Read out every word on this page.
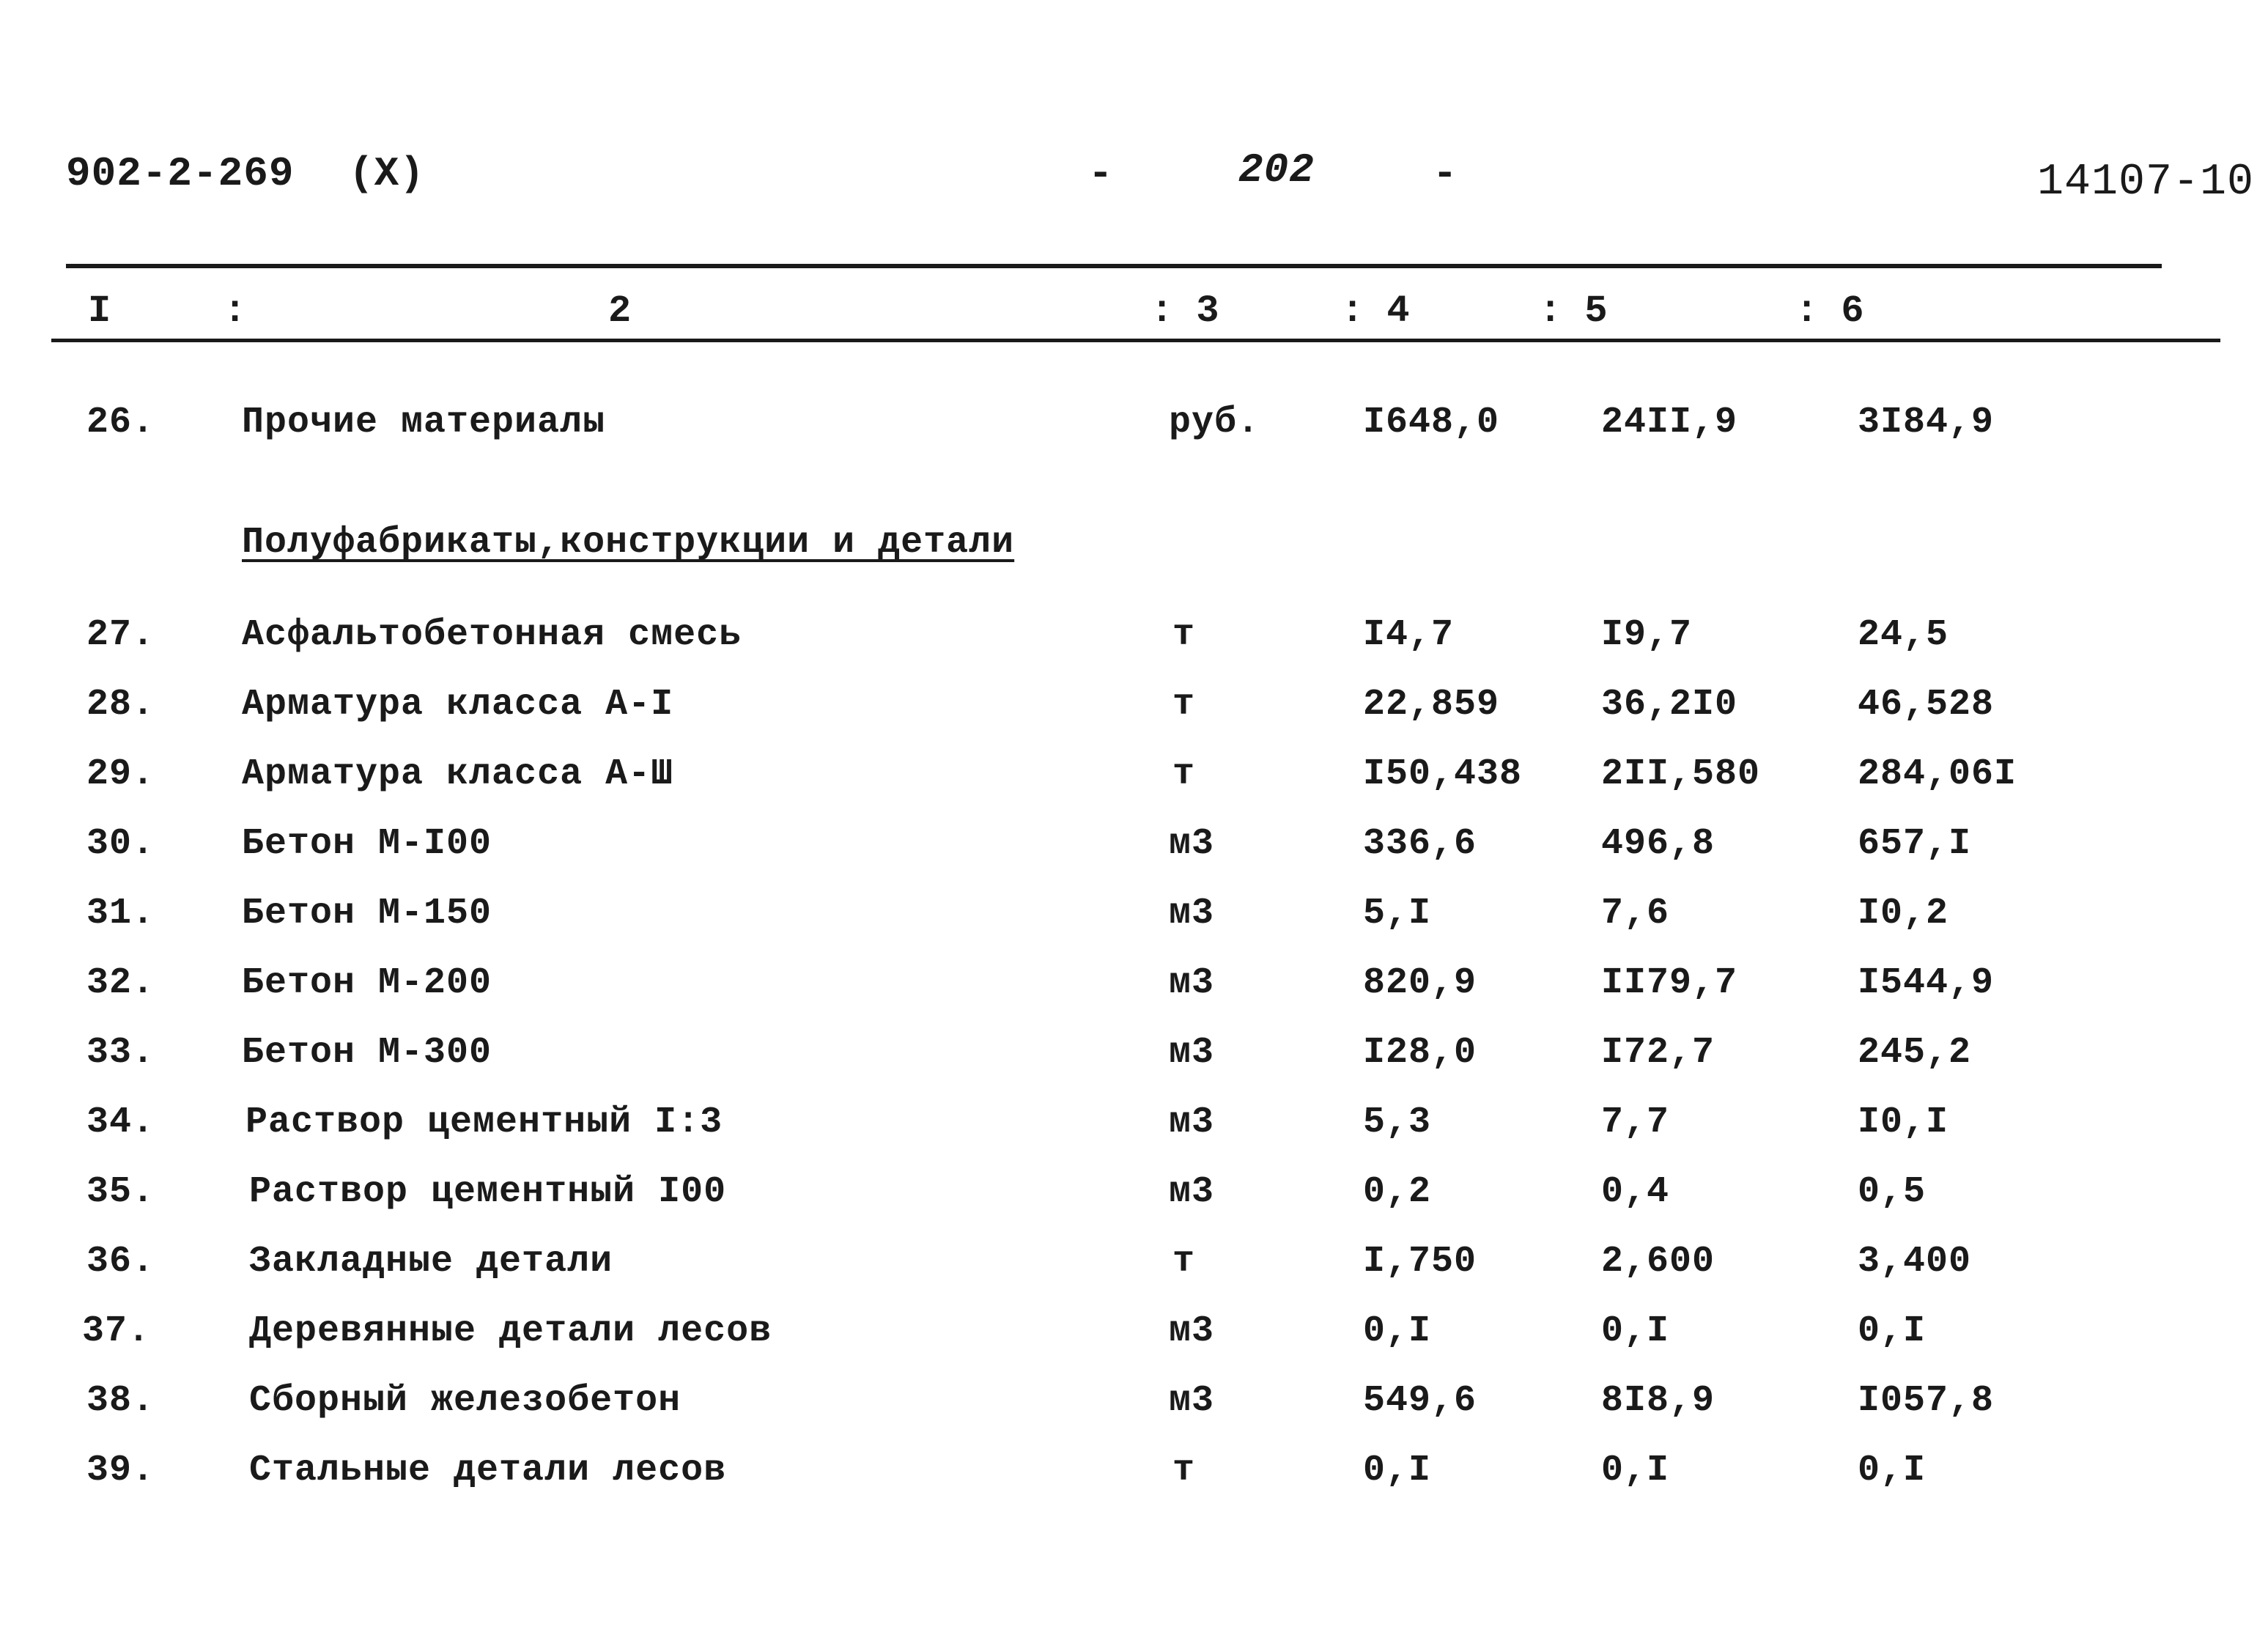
902-2-269 (X)	-	202	-	14107-10
I	:	2	: 3	: 4	: 5	: 6
26. Прочие материалы	руб.	I648,0	24II,9	3I84,9
Полуфабрикаты,конструкции и детали
27. Асфальтобетонная смесь	т	I4,7	I9,7	24,5
28. Арматура класса А-I	т	22,859	36,2I0	46,528
29. Арматура класса А-Ш	т	I50,438 2II,580	284,06I
30. Бетон М-I00	м3	336,6	496,8	657,I
31. Бетон М-150	м3	5,I	7,6	I0,2
32. Бетон М-200	м3	820,9	II79,7	I544,9
33. Бетон М-300	м3	I28,0	I72,7	245,2
34. Раствор цементный I:3	м3	5,3	7,7	I0,I
35.	Раствор цементный I00	м3	0,2	0,4	0,5
36.	Закладные детали	т	I,750	2,600	3,400
37.	Деревянные детали лесов	м3	0,I	0,I	0,I
38.	Сборный железобетон	м3	549,6	8I8,9	I057,8
39.	Стальные детали лесов	т	0,I	0,I	0,I
